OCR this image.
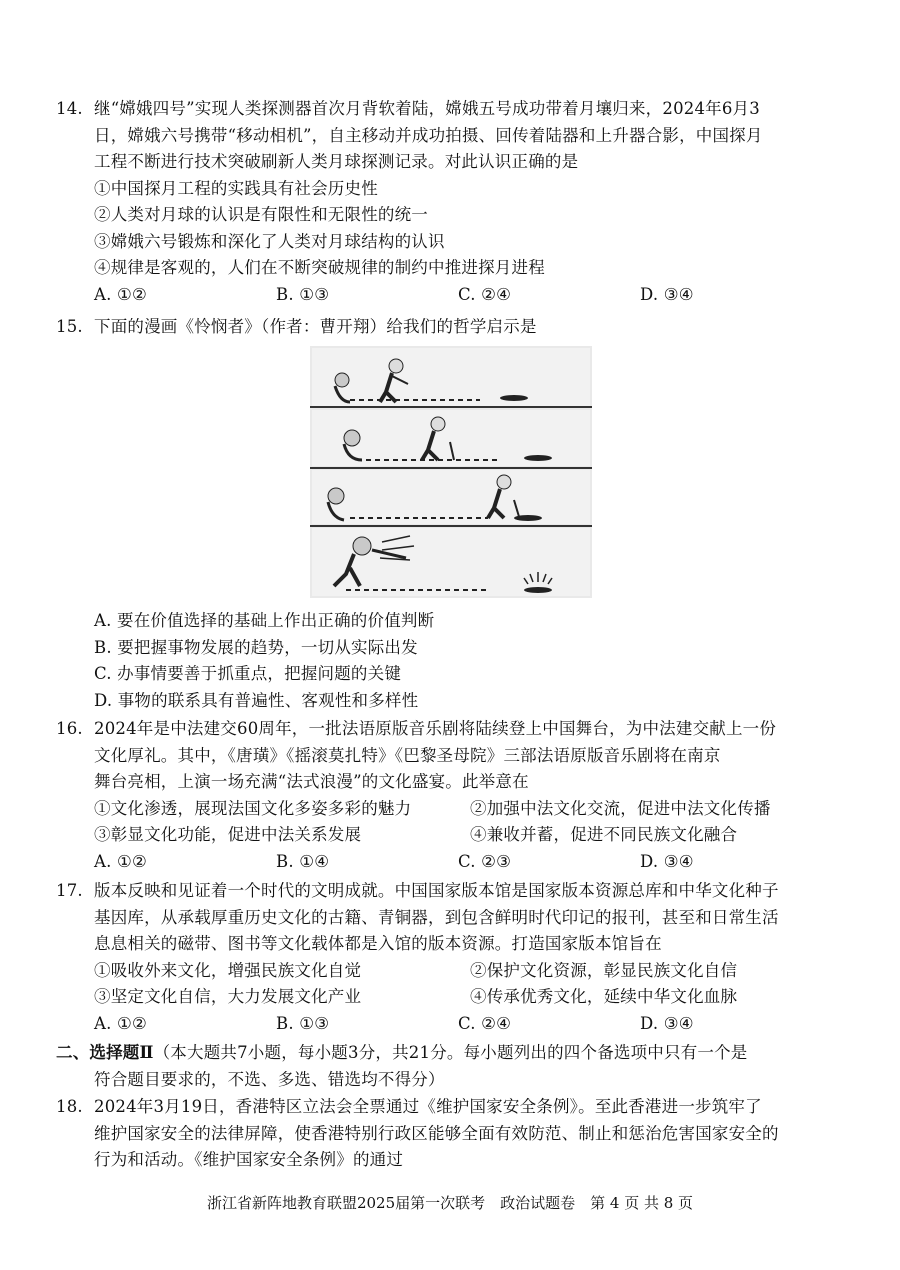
14. 继“嫦娥四号”实现人类探测器首次月背软着陆，嫦娥五号成功带着月壤归来，2024年6月3
日，嫦娥六号携带“移动相机”，自主移动并成功拍摄、回传着陆器和上升器合影，中国探月
工程不断进行技术突破刷新人类月球探测记录。对此认识正确的是
①中国探月工程的实践具有社会历史性
②人类对月球的认识是有限性和无限性的统一
③嫦娥六号锻炼和深化了人类对月球结构的认识
④规律是客观的，人们在不断突破规律的制约中推进探月进程
A. ①②	B. ①③	C. ②④	D. ③④
15. 下面的漫画《怜悯者》（作者：曹开翔）给我们的哲学启示是
A. 要在价值选择的基础上作出正确的价值判断
B. 要把握事物发展的趋势，一切从实际出发
C. 办事情要善于抓重点，把握问题的关键
D. 事物的联系具有普遍性、客观性和多样性
16. 2024年是中法建交60周年，一批法语原版音乐剧将陆续登上中国舞台，为中法建交献上一份
文化厚礼。其中，《唐璜》《摇滚莫扎特》《巴黎圣母院》三部法语原版音乐剧将在南京
舞台亮相，上演一场充满“法式浪漫”的文化盛宴。此举意在
①文化渗透，展现法国文化多姿多彩的魅力	②加强中法文化交流，促进中法文化传播
③彰显文化功能，促进中法关系发展	④兼收并蓄，促进不同民族文化融合
A. ①②	B. ①④	C. ②③	D. ③④
17. 版本反映和见证着一个时代的文明成就。中国国家版本馆是国家版本资源总库和中华文化种子
基因库，从承载厚重历史文化的古籍、青铜器，到包含鲜明时代印记的报刊，甚至和日常生活
息息相关的磁带、图书等文化载体都是入馆的版本资源。打造国家版本馆旨在
①吸收外来文化，增强民族文化自觉	②保护文化资源，彰显民族文化自信
③坚定文化自信，大力发展文化产业	④传承优秀文化，延续中华文化血脉
A. ①②	B. ①③	C. ②④	D. ③④
二、选择题Ⅱ（本大题共7小题，每小题3分，共21分。每小题列出的四个备选项中只有一个是
符合题目要求的，不选、多选、错选均不得分）
18. 2024年3月19日，香港特区立法会全票通过《维护国家安全条例》。至此香港进一步筑牢了
维护国家安全的法律屏障，使香港特别行政区能够全面有效防范、制止和惩治危害国家安全的
行为和活动。《维护国家安全条例》的通过
浙江省新阵地教育联盟2025届第一次联考　政治试题卷　第 4 页 共 8 页
